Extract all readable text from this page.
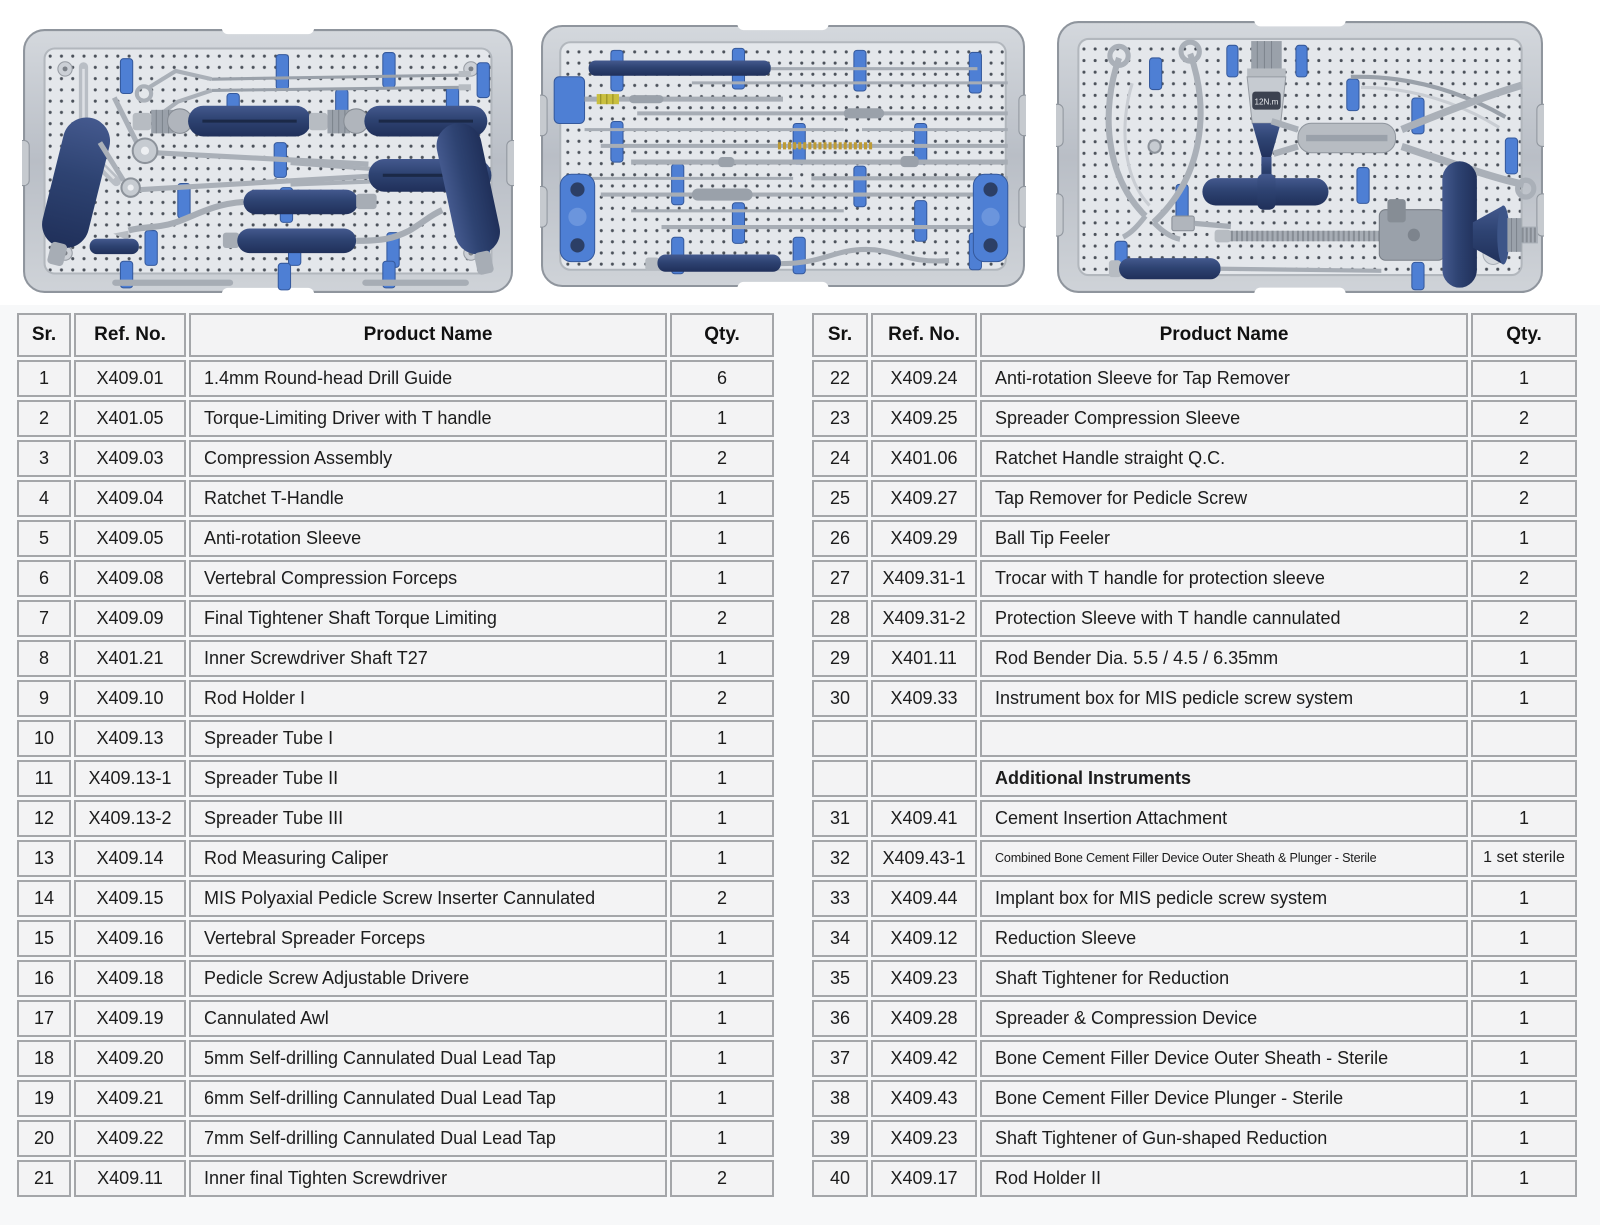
12N.m
Sr.	Ref. No.	Product Name	Qty.
1	X409.01	1.4mm Round-head Drill Guide	6
2	X401.05	Torque-Limiting Driver with T handle	1
3	X409.03	Compression Assembly	2
4	X409.04	Ratchet T-Handle	1
5	X409.05	Anti-rotation Sleeve	1
6	X409.08	Vertebral Compression Forceps	1
7	X409.09	Final Tightener Shaft Torque Limiting	2
8	X401.21	Inner Screwdriver Shaft T27	1
9	X409.10	Rod Holder I	2
10	X409.13	Spreader Tube I	1
11	X409.13-1	Spreader Tube II	1
12	X409.13-2	Spreader Tube III	1
13	X409.14	Rod Measuring Caliper	1
14	X409.15	MIS Polyaxial Pedicle Screw Inserter Cannulated	2
15	X409.16	Vertebral Spreader Forceps	1
16	X409.18	Pedicle Screw Adjustable Drivere	1
17	X409.19	Cannulated Awl	1
18	X409.20	5mm Self-drilling Cannulated Dual Lead Tap	1
19	X409.21	6mm Self-drilling Cannulated Dual Lead Tap	1
20	X409.22	7mm Self-drilling Cannulated Dual Lead Tap	1
21	X409.11	Inner final Tighten Screwdriver	2
Sr.	Ref. No.	Product Name	Qty.
22	X409.24	Anti-rotation Sleeve for Tap Remover	1
23	X409.25	Spreader Compression Sleeve	2
24	X401.06	Ratchet Handle straight Q.C.	2
25	X409.27	Tap Remover for Pedicle Screw	2
26	X409.29	Ball Tip Feeler	1
27	X409.31-1	Trocar with T handle for protection sleeve	2
28	X409.31-2	Protection Sleeve with T handle cannulated	2
29	X401.11	Rod Bender Dia. 5.5 / 4.5 / 6.35mm	1
30	X409.33	Instrument box for MIS pedicle screw system	1

		Additional Instruments	
31	X409.41	Cement Insertion Attachment	1
32	X409.43-1	Combined Bone Cement Filler Device Outer Sheath & Plunger - Sterile	1 set sterile
33	X409.44	Implant box for MIS pedicle screw system	1
34	X409.12	Reduction Sleeve	1
35	X409.23	Shaft Tightener for Reduction	1
36	X409.28	Spreader & Compression Device	1
37	X409.42	Bone Cement Filler Device Outer Sheath - Sterile	1
38	X409.43	Bone Cement Filler Device Plunger - Sterile	1
39	X409.23	Shaft Tightener of Gun-shaped Reduction	1
40	X409.17	Rod Holder II	1
